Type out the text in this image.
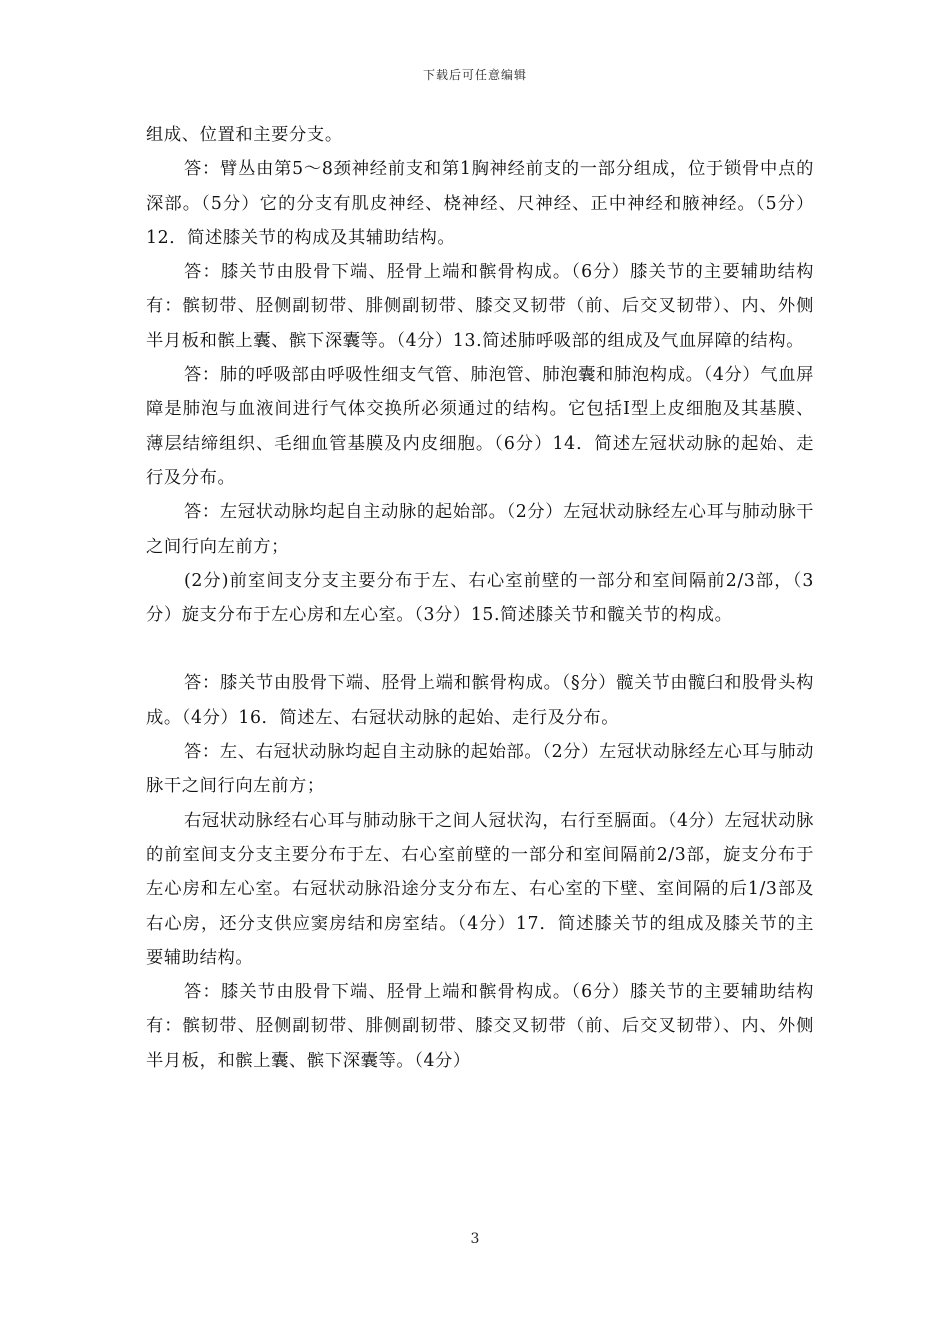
下载后可任意编辑

组成、位置和主要分支。

答：臂丛由第5～8颈神经前支和第1胸神经前支的一部分组成，位于锁骨中点的深部。（5分）它的分支有肌皮神经、桡神经、尺神经、正中神经和腋神经。（5分）12．简述膝关节的构成及其辅助结构。

答：膝关节由股骨下端、胫骨上端和髌骨构成。（6分）膝关节的主要辅助结构有：髌韧带、胫侧副韧带、腓侧副韧带、膝交叉韧带（前、后交叉韧带）、内、外侧半月板和髌上囊、髌下深囊等。（4分）13.简述肺呼吸部的组成及气血屏障的结构。

答：肺的呼吸部由呼吸性细支气管、肺泡管、肺泡囊和肺泡构成。（4分）气血屏障是肺泡与血液间进行气体交换所必须通过的结构。它包括Ⅰ型上皮细胞及其基膜、薄层结缔组织、毛细血管基膜及内皮细胞。（6分）14．简述左冠状动脉的起始、走行及分布。

答：左冠状动脉均起自主动脉的起始部。（2分）左冠状动脉经左心耳与肺动脉干之间行向左前方；

(2分)前室间支分支主要分布于左、右心室前壁的一部分和室间隔前2/3部，（3分）旋支分布于左心房和左心室。（3分）15.简述膝关节和髋关节的构成。

答：膝关节由股骨下端、胫骨上端和髌骨构成。（§分）髋关节由髋臼和股骨头构成。（4分）16．简述左、右冠状动脉的起始、走行及分布。

答：左、右冠状动脉均起自主动脉的起始部。（2分）左冠状动脉经左心耳与肺动脉干之间行向左前方；

右冠状动脉经右心耳与肺动脉干之间人冠状沟，右行至膈面。（4分）左冠状动脉的前室间支分支主要分布于左、右心室前壁的一部分和室间隔前2/3部，旋支分布于左心房和左心室。右冠状动脉沿途分支分布左、右心室的下壁、室间隔的后1/3部及右心房，还分支供应窦房结和房室结。（4分）17．简述膝关节的组成及膝关节的主要辅助结构。

答：膝关节由股骨下端、胫骨上端和髌骨构成。（6分）膝关节的主要辅助结构有：髌韧带、胫侧副韧带、腓侧副韧带、膝交叉韧带（前、后交叉韧带）、内、外侧半月板，和髌上囊、髌下深囊等。（4分）

3
